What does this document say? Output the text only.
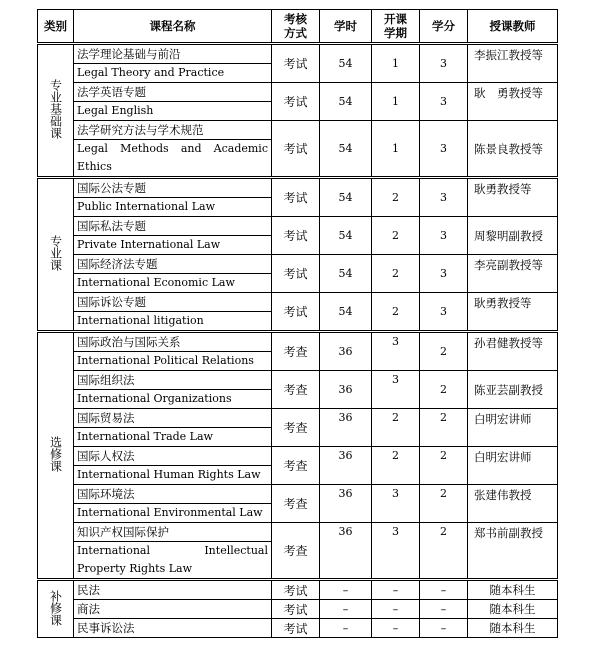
类别	课程名称	考核方式	学时	开课学期	学分	授课教师
专业基础课	法学理论基础与前沿	考试	54	1	3	李振江教授等
	Legal Theory and Practice					
	法学英语专题	考试	54	1	3	耿　勇教授等
	Legal English					
	法学研究方法与学术规范	考试	54	1	3	陈景良教授等
	Legal Methods and Academic Ethics					

专业课	国际公法专题	考试	54	2	3	耿勇教授等
	Public International Law					
	国际私法专题	考试	54	2	3	周黎明副教授
	Private International Law					
	国际经济法专题	考试	54	2	3	李亮副教授等
	International Economic Law					
	国际诉讼专题	考试	54	2	3	耿勇教授等
	International litigation					
选修课	国际政治与国际关系	考查	36	3	2	孙君健教授等
	International Political Relations					

	国际组织法	考查	36	3	2	陈亚芸副教授
	International Organizations					
	国际贸易法	考查	36	2	2	白明宏讲师
	International Trade Law					
	国际人权法	考查	36	2	2	白明宏讲师
	International Human Rights Law					
	国际环境法	考查	36	3	2	张建伟教授
	International Environmental Law					

	知识产权国际保护	考查	36	3	2	郑书前副教授
	International Intellectual Property Rights Law					

补修课	民法	考试	–	–	–	随本科生
	商法	考试	–	–	–	随本科生
	民事诉讼法	考试	–	–	–	随本科生
